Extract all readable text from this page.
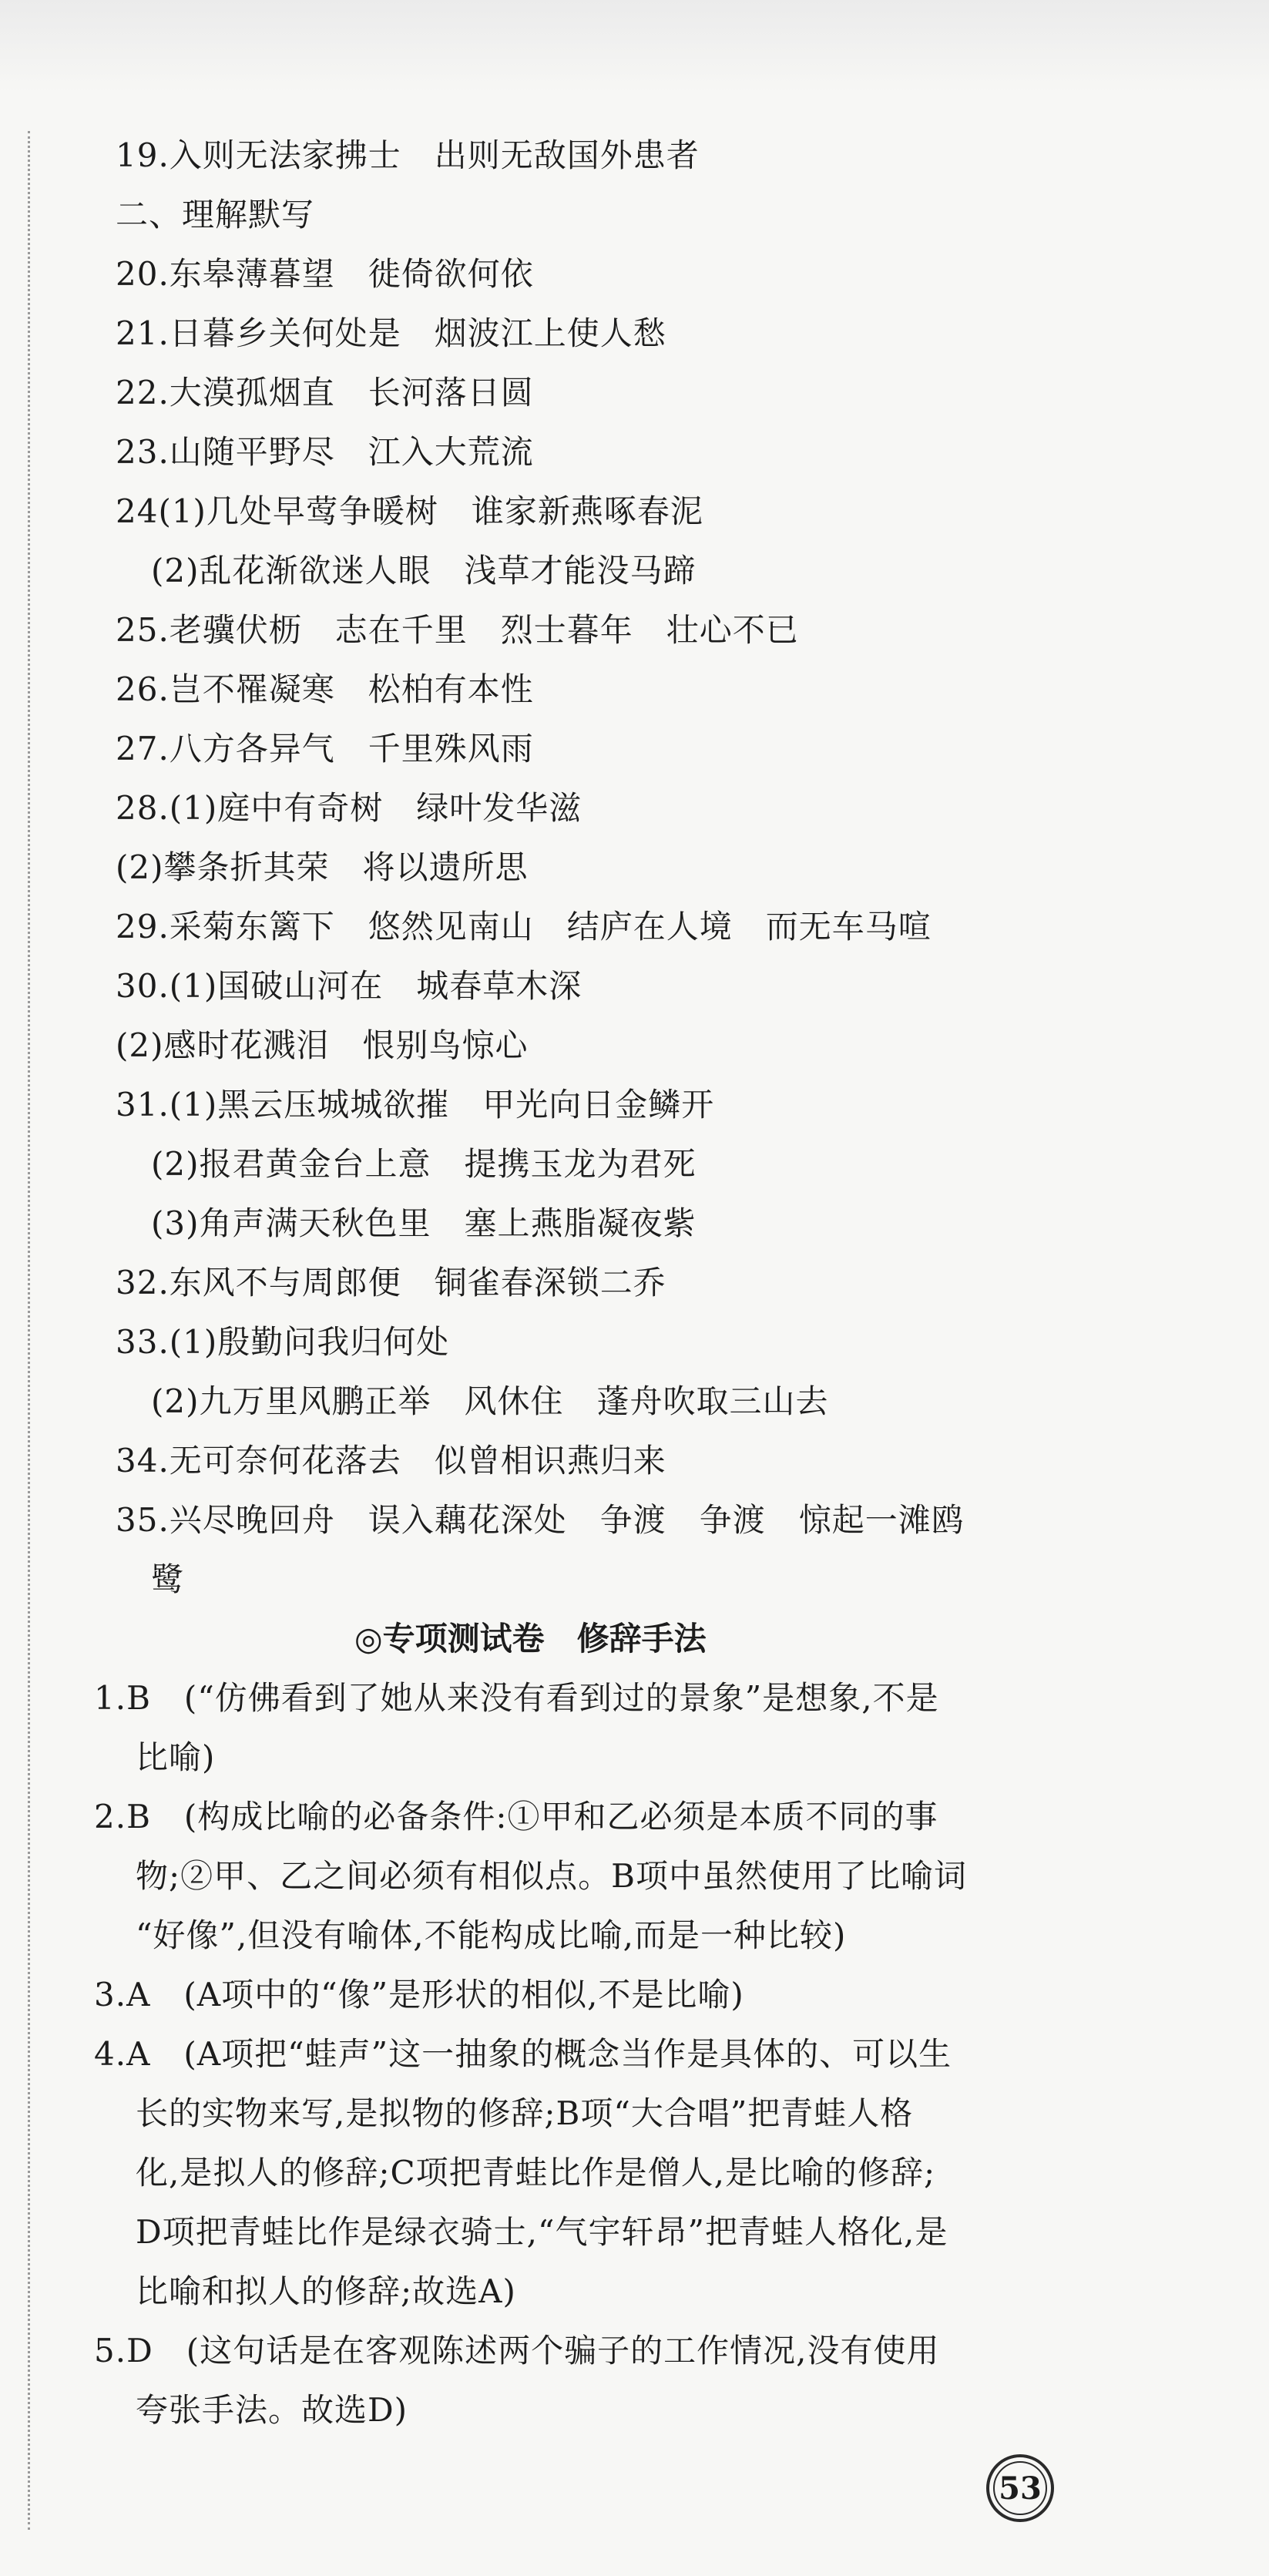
19.入则无法家拂士　出则无敌国外患者
二、理解默写
20.东皋薄暮望　徙倚欲何依
21.日暮乡关何处是　烟波江上使人愁
22.大漠孤烟直　长河落日圆
23.山随平野尽　江入大荒流
24(1)几处早莺争暖树　谁家新燕啄春泥
(2)乱花渐欲迷人眼　浅草才能没马蹄
25.老骥伏枥　志在千里　烈士暮年　壮心不已
26.岂不罹凝寒　松柏有本性
27.八方各异气　千里殊风雨
28.(1)庭中有奇树　绿叶发华滋
(2)攀条折其荣　将以遗所思
29.采菊东篱下　悠然见南山　结庐在人境　而无车马喧
30.(1)国破山河在　城春草木深
(2)感时花溅泪　恨别鸟惊心
31.(1)黑云压城城欲摧　甲光向日金鳞开
(2)报君黄金台上意　提携玉龙为君死
(3)角声满天秋色里　塞上燕脂凝夜紫
32.东风不与周郎便　铜雀春深锁二乔
33.(1)殷勤问我归何处
(2)九万里风鹏正举　风休住　蓬舟吹取三山去
34.无可奈何花落去　似曾相识燕归来
35.兴尽晚回舟　误入藕花深处　争渡　争渡　惊起一滩鸥
鹭
◎专项测试卷　修辞手法
1.B　(“仿佛看到了她从来没有看到过的景象”是想象,不是
比喻)
2.B　(构成比喻的必备条件:①甲和乙必须是本质不同的事
物;②甲、乙之间必须有相似点。B项中虽然使用了比喻词
“好像”,但没有喻体,不能构成比喻,而是一种比较)
3.A　(A项中的“像”是形状的相似,不是比喻)
4.A　(A项把“蛙声”这一抽象的概念当作是具体的、可以生
长的实物来写,是拟物的修辞;B项“大合唱”把青蛙人格
化,是拟人的修辞;C项把青蛙比作是僧人,是比喻的修辞;
D项把青蛙比作是绿衣骑士,“气宇轩昂”把青蛙人格化,是
比喻和拟人的修辞;故选A)
5.D　(这句话是在客观陈述两个骗子的工作情况,没有使用
夸张手法。故选D)
53
